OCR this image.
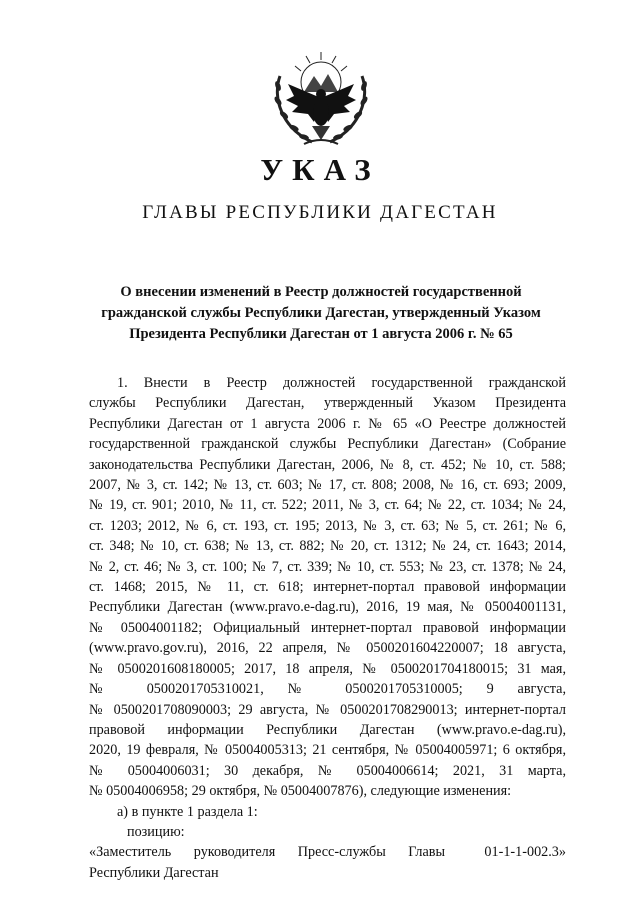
УКАЗ
ГЛАВЫ РЕСПУБЛИКИ ДАГЕСТАН
О внесении изменений в Реестр должностей государственной
гражданской службы Республики Дагестан, утвержденный Указом
Президента Республики Дагестан от 1 августа 2006 г. № 65
1. Внести в Реестр должностей государственной гражданской
службы Республики Дагестан, утвержденный Указом Президента
Республики Дагестан от 1 августа 2006 г. № 65 «О Реестре должностей
государственной гражданской службы Республики Дагестан» (Собрание
законодательства Республики Дагестан, 2006, № 8, ст. 452; № 10, ст. 588;
2007, № 3, ст. 142; № 13, ст. 603; № 17, ст. 808; 2008, № 16, ст. 693; 2009,
№ 19, ст. 901; 2010, № 11, ст. 522; 2011, № 3, ст. 64; № 22, ст. 1034; № 24,
ст. 1203; 2012, № 6, ст. 193, ст. 195; 2013, № 3, ст. 63; № 5, ст. 261; № 6,
ст. 348; № 10, ст. 638; № 13, ст. 882; № 20, ст. 1312; № 24, ст. 1643; 2014,
№ 2, ст. 46; № 3, ст. 100; № 7, ст. 339; № 10, ст. 553; № 23, ст. 1378; № 24,
ст. 1468; 2015, № 11, ст. 618; интернет-портал правовой информации
Республики Дагестан (www.pravo.e-dag.ru), 2016, 19 мая, № 05004001131,
№ 05004001182; Официальный интернет-портал правовой информации
(www.pravo.gov.ru), 2016, 22 апреля, № 0500201604220007; 18 августа,
№ 0500201608180005; 2017, 18 апреля, № 0500201704180015; 31 мая,
№ 0500201705310021, № 0500201705310005; 9 августа,
№ 0500201708090003; 29 августа, № 0500201708290013; интернет-портал
правовой информации Республики Дагестан (www.pravo.e-dag.ru),
2020, 19 февраля, № 05004005313; 21 сентября, № 05004005971; 6 октября,
№ 05004006031; 30 декабря, № 05004006614; 2021, 31 марта,
№ 05004006958; 29 октября, № 05004007876), следующие изменения:
а) в пункте 1 раздела 1:
позицию:
«Заместитель руководителя Пресс-службы Главы	01-1-1-002.3»
Республики Дагестан
